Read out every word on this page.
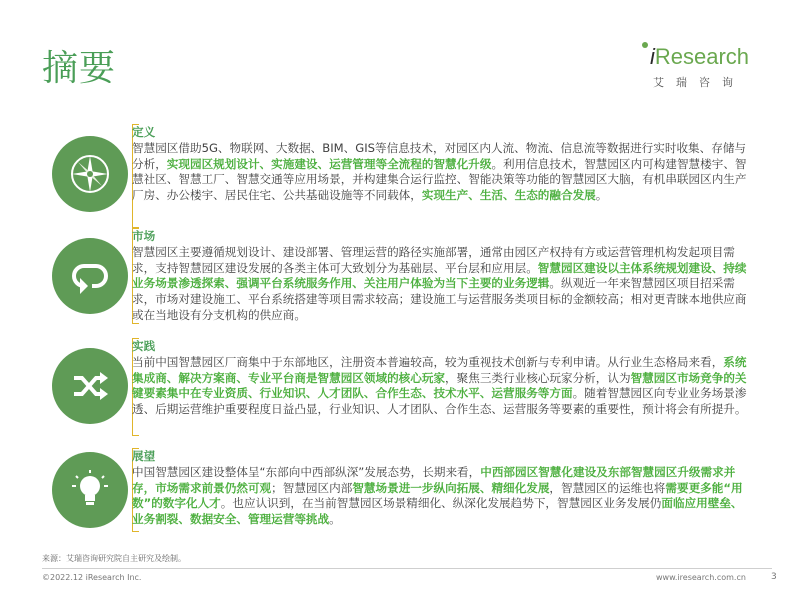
摘要	iResearch
艾瑞咨询
定义
智慧园区借助5G、物联网、大数据、BIM、GIS等信息技术，对园区内人流、物流、信息流等数据进行实时收集、存储与分析，实现园区规划设计、实施建设、运营管理等全流程的智慧化升级。利用信息技术，智慧园区内可构建智慧楼宇、智慧社区、智慧工厂、智慧交通等应用场景，并构建集合运行监控、智能决策等功能的智慧园区大脑，有机串联园区内生产厂房、办公楼宇、居民住宅、公共基础设施等不同载体，实现生产、生活、生态的融合发展。
市场
智慧园区主要遵循规划设计、建设部署、管理运营的路径实施部署，通常由园区产权持有方或运营管理机构发起项目需求，支持智慧园区建设发展的各类主体可大致划分为基础层、平台层和应用层。智慧园区建设以主体系统规划建设、持续业务场景渗透探索、强调平台系统服务作用、关注用户体验为当下主要的业务逻辑。纵观近一年来智慧园区项目招采需求，市场对建设施工、平台系统搭建等项目需求较高；建设施工与运营服务类项目标的金额较高；相对更青睐本地供应商或在当地设有分支机构的供应商。
实践
当前中国智慧园区厂商集中于东部地区，注册资本普遍较高，较为重视技术创新与专利申请。从行业生态格局来看，系统集成商、解决方案商、专业平台商是智慧园区领域的核心玩家，聚焦三类行业核心玩家分析，认为智慧园区市场竞争的关键要素集中在专业资质、行业知识、人才团队、合作生态、技术水平、运营服务等方面。随着智慧园区向专业业务场景渗透、后期运营维护重要程度日益凸显，行业知识、人才团队、合作生态、运营服务等要素的重要性，预计将会有所提升。
展望
中国智慧园区建设整体呈“东部向中西部纵深”发展态势，长期来看，中西部园区智慧化建设及东部智慧园区升级需求并存，市场需求前景仍然可观；智慧园区内部智慧场景进一步纵向拓展、精细化发展，智慧园区的运维也将需要更多能“用数”的数字化人才。也应认识到，在当前智慧园区场景精细化、纵深化发展趋势下，智慧园区业务发展仍面临应用壁垒、业务割裂、数据安全、管理运营等挑战。
来源：艾瑞咨询研究院自主研究及绘制。
©2022.12 iResearch Inc.	www.iresearch.com.cn	3
